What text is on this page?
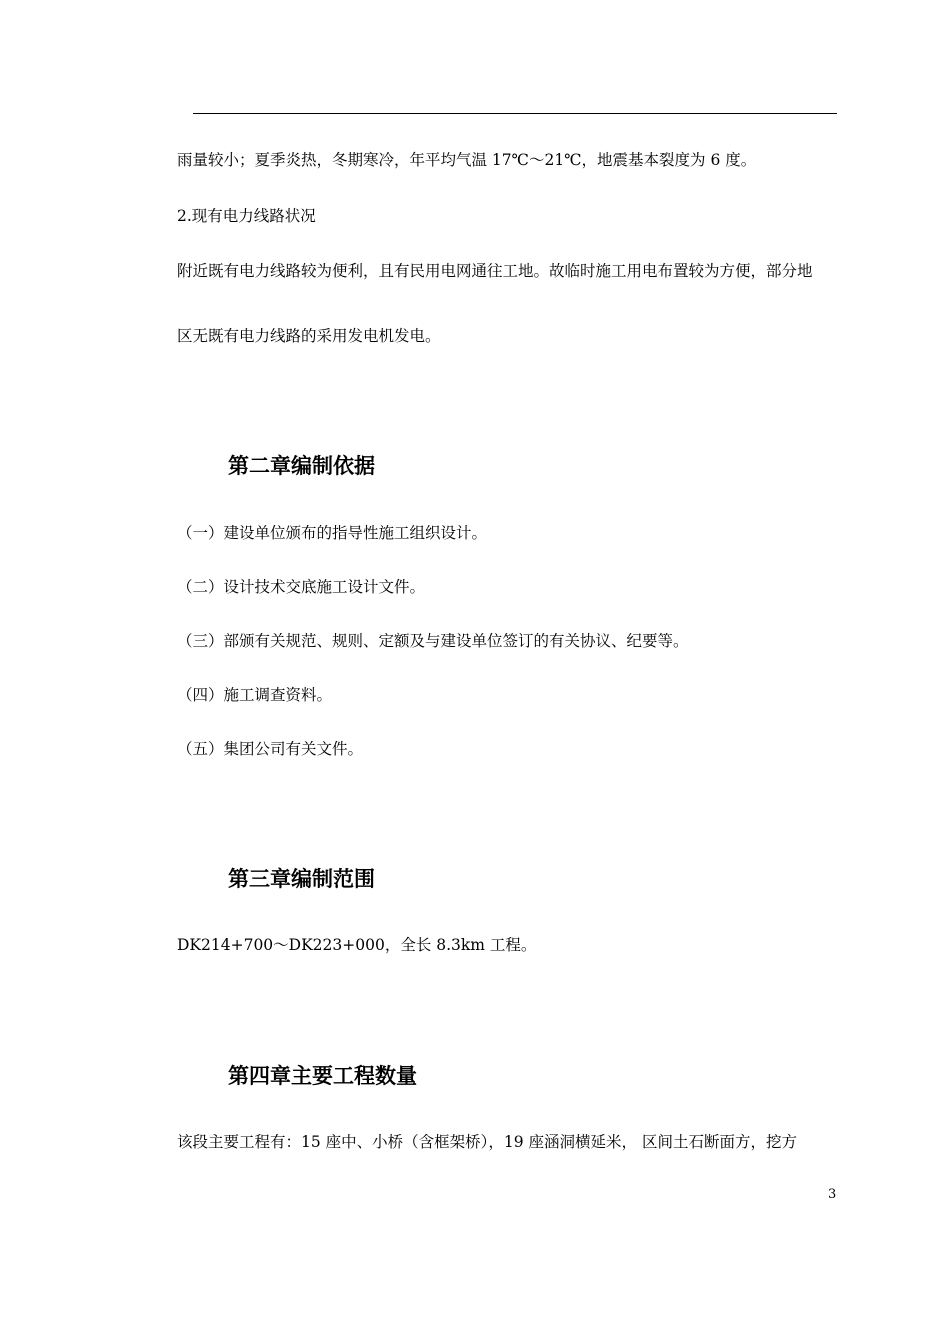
雨量较小；夏季炎热，冬期寒冷，年平均气温 17℃～21℃，地震基本裂度为 6 度。
2.现有电力线路状况
附近既有电力线路较为便利，且有民用电网通往工地。故临时施工用电布置较为方便，部分地
区无既有电力线路的采用发电机发电。
第二章编制依据
（一）建设单位颁布的指导性施工组织设计。
（二）设计技术交底施工设计文件。
（三）部颁有关规范、规则、定额及与建设单位签订的有关协议、纪要等。
（四）施工调查资料。
（五）集团公司有关文件。
第三章编制范围
DK214+700～DK223+000，全长 8.3km 工程。
第四章主要工程数量
该段主要工程有：15 座中、小桥（含框架桥），19 座涵洞横延米， 区间土石断面方，挖方
3
